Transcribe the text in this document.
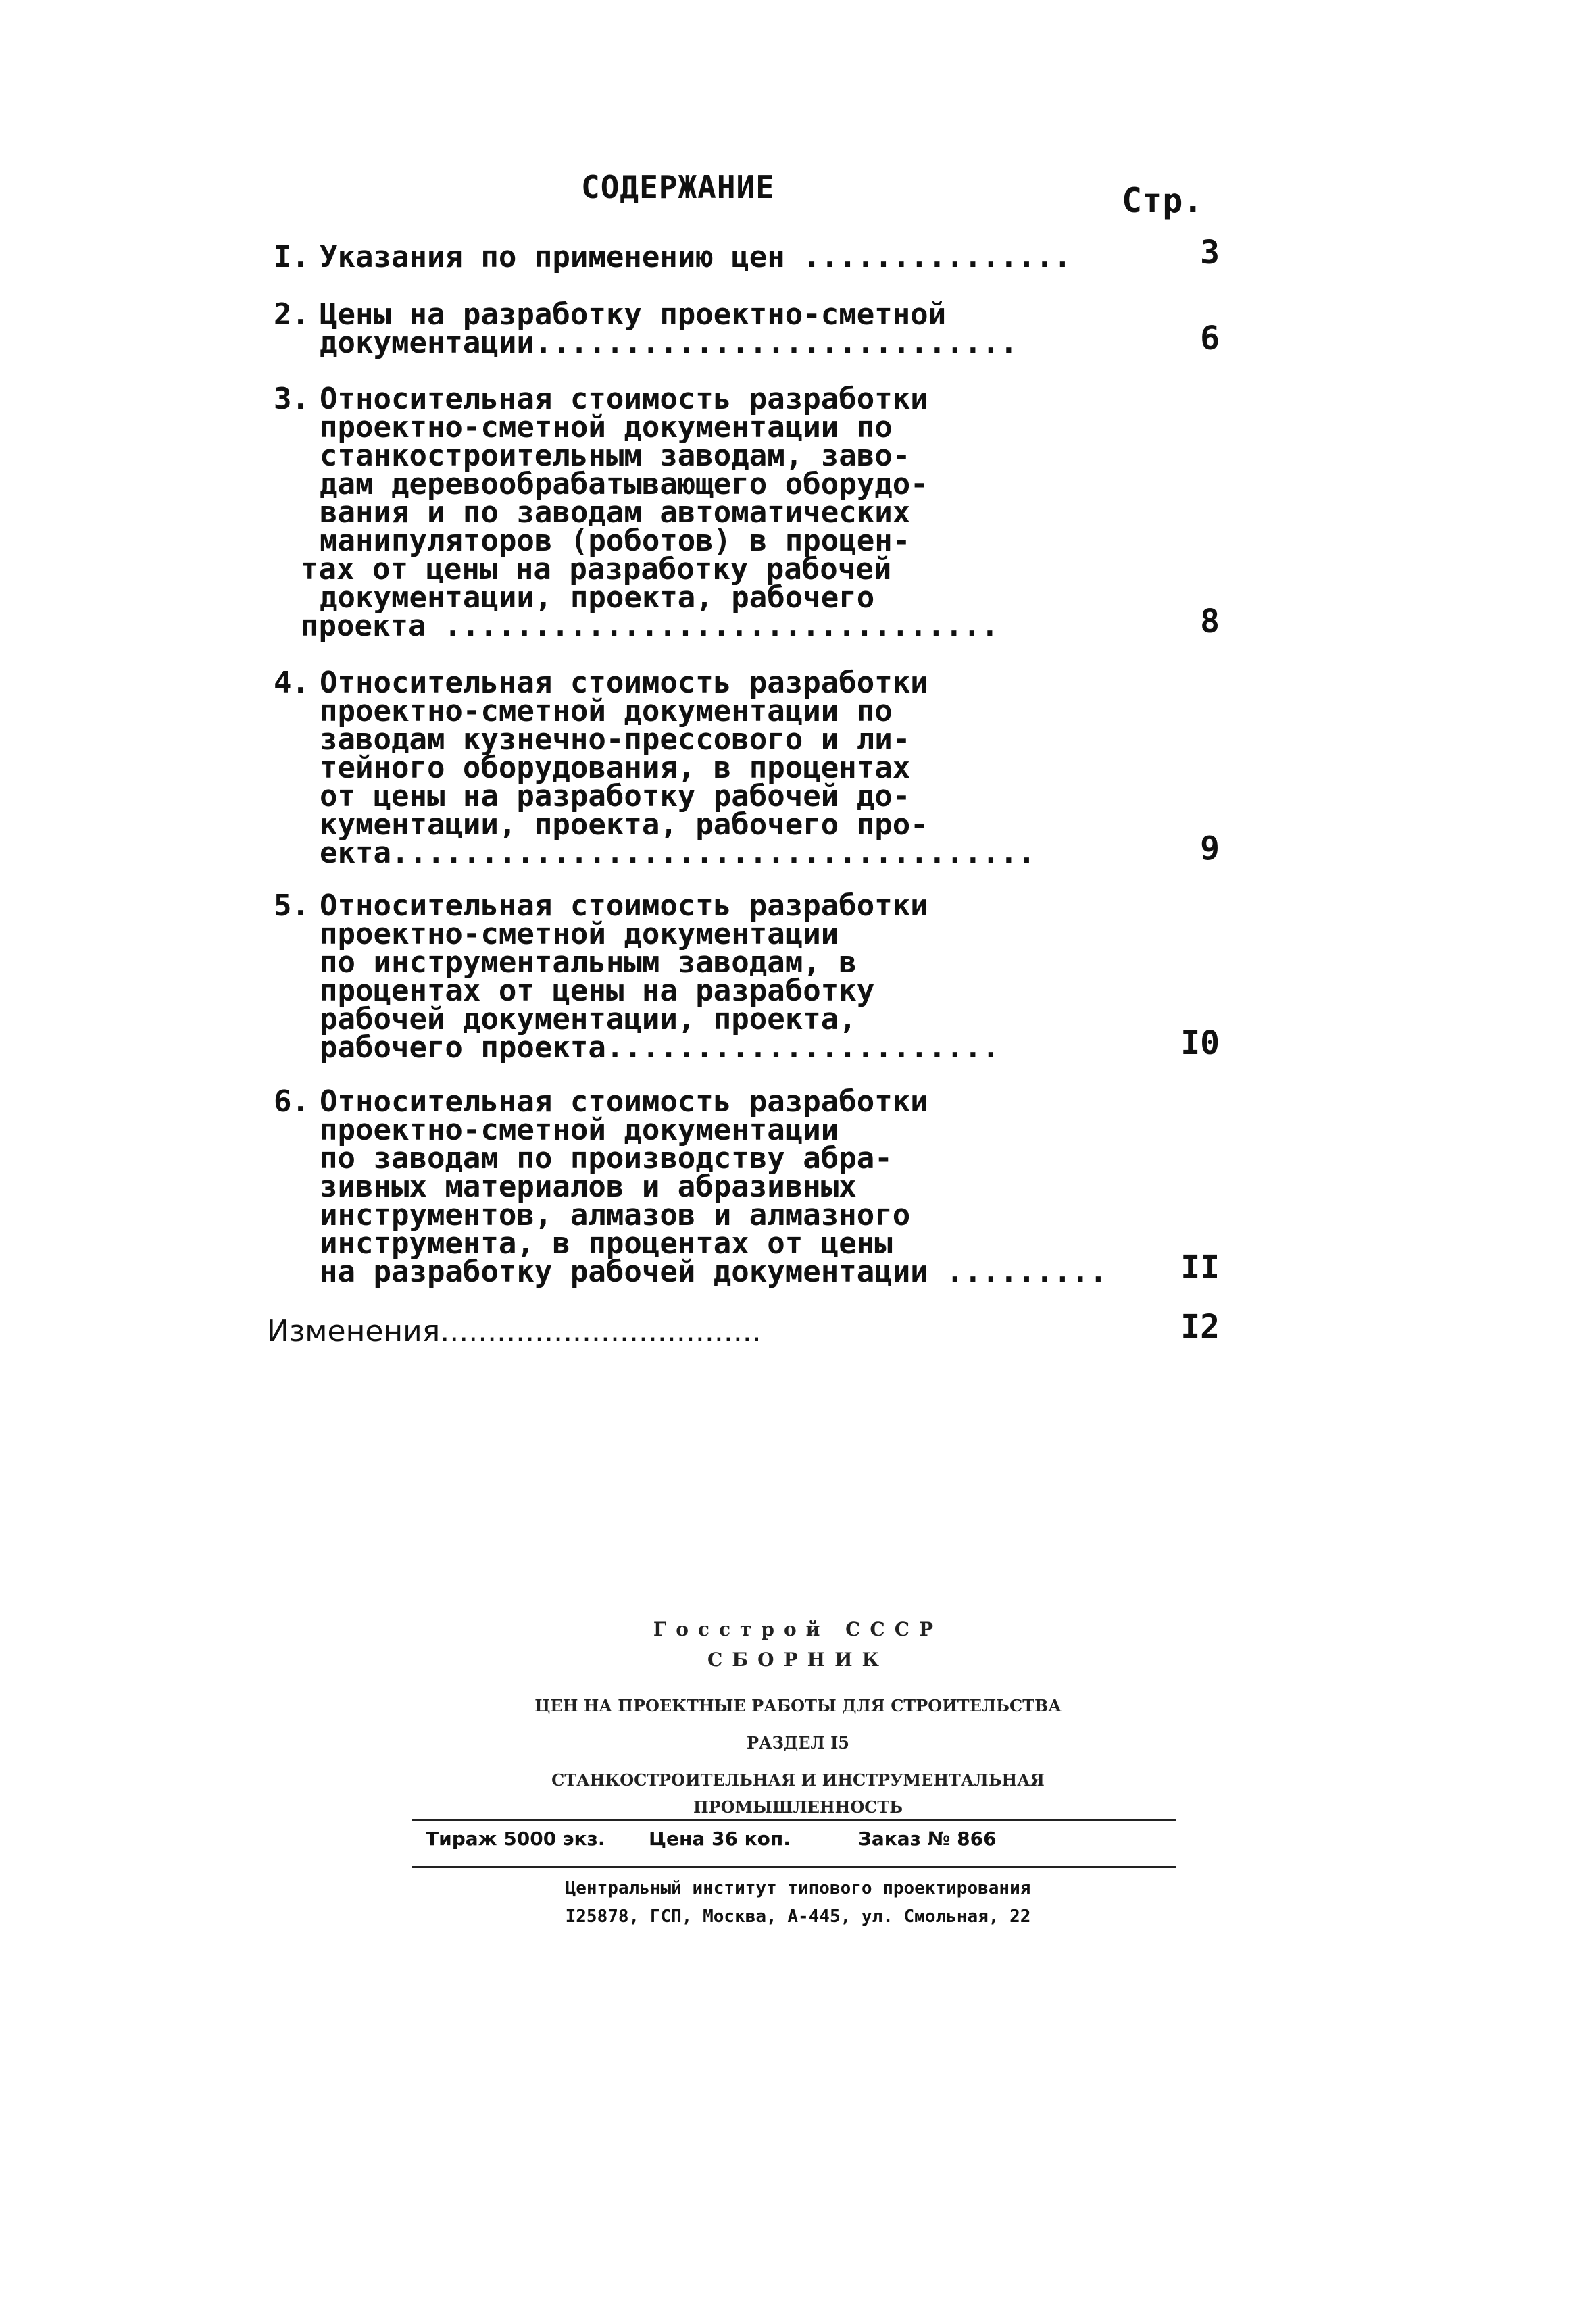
СОДЕРЖАНИЕ	Стр.
I. Указания по применению цен ...............	3
2. Цены на разработку проектно-сметной
документации...........................	6
3. Относительная стоимость разработки
проектно-сметной документации по
станкостроительным заводам, заво-
дам деревообрабатывающего оборудо-
вания и по заводам автоматических
манипуляторов (роботов) в процен-
тах от цены на разработку рабочей
документации, проекта, рабочего
проекта ...............................	8
4. Относительная стоимость разработки
проектно-сметной документации по
заводам кузнечно-прессового и ли-
тейного оборудования, в процентах
от цены на разработку рабочей до-
кументации, проекта, рабочего про-
екта....................................	9
5. Относительная стоимость разработки
проектно-сметной документации
по инструментальным заводам, в
процентах от цены на разработку
рабочей документации, проекта,
рабочего проекта......................	I0
6. Относительная стоимость разработки
проектно-сметной документации
по заводам по производству абра-
зивных материалов и абразивных
инструментов, алмазов и алмазного
инструмента, в процентах от цены
на разработку рабочей документации .........	II
Изменения..................................	I2
Госстрой СССР
СБОРНИК
ЦЕН НА ПРОЕКТНЫЕ РАБОТЫ ДЛЯ СТРОИТЕЛЬСТВА
РАЗДЕЛ I5
СТАНКОСТРОИТЕЛЬНАЯ И ИНСТРУМЕНТАЛЬНАЯ
ПРОМЫШЛЕННОСТЬ
Тираж 5000 экз. Цена 36 коп.	Заказ № 866
Центральный институт типового проектирования
I25878, ГСП, Москва, А-445, ул. Смольная, 22
